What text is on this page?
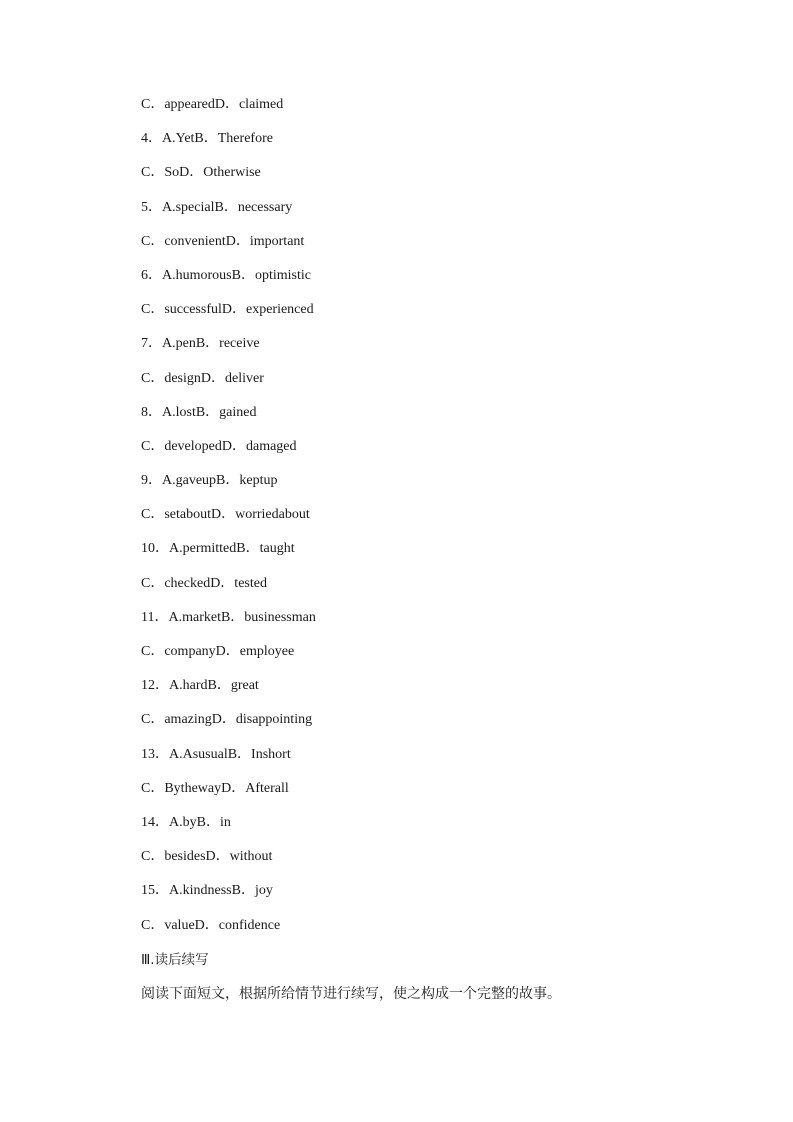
C．appearedD．claimed
4．A.YetB．Therefore
C．SoD．Otherwise
5．A.specialB．necessary
C．convenientD．important
6．A.humorousB．optimistic
C．successfulD．experienced
7．A.penB．receive
C．designD．deliver
8．A.lostB．gained
C．developedD．damaged
9．A.gaveupB．keptup
C．setaboutD．worriedabout
10．A.permittedB．taught
C．checkedD．tested
11．A.marketB．businessman
C．companyD．employee
12．A.hardB．great
C．amazingD．disappointing
13．A.AsusualB．Inshort
C．BythewayD．Afterall
14．A.byB．in
C．besidesD．without
15．A.kindnessB．joy
C．valueD．confidence
Ⅲ.读后续写
阅读下面短文，根据所给情节进行续写，使之构成一个完整的故事。
